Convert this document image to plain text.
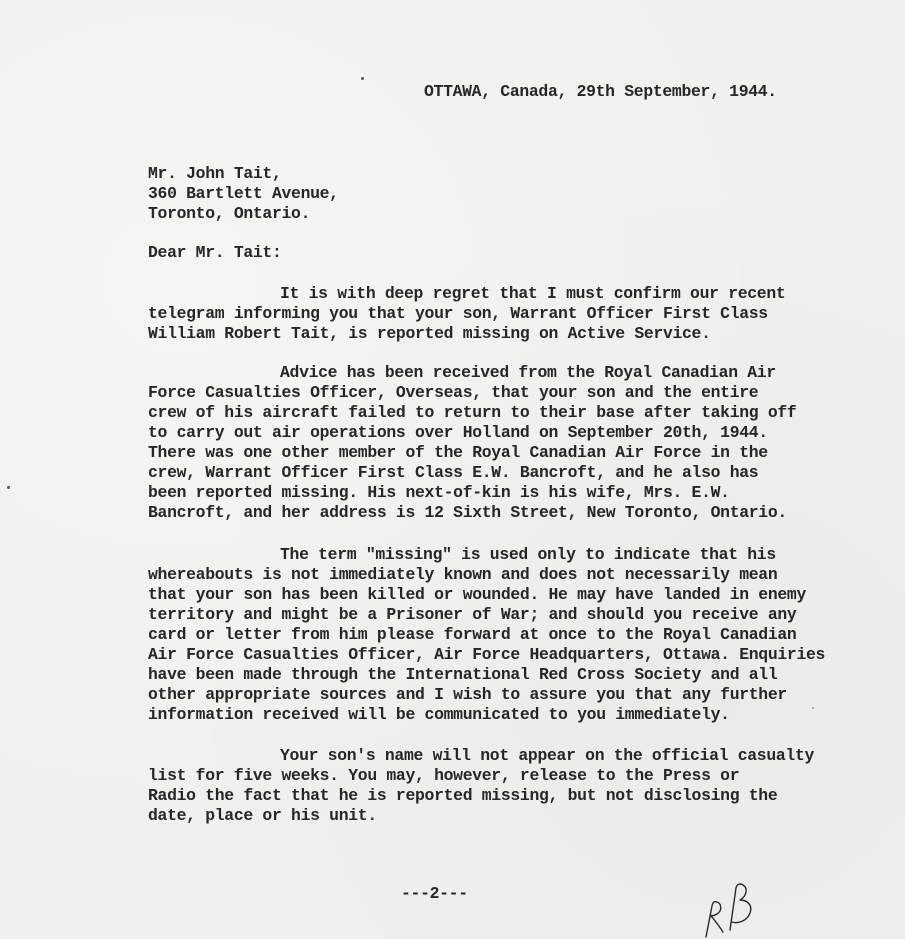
OTTAWA, Canada, 29th September, 1944.
Mr. John Tait,
360 Bartlett Avenue,
Toronto, Ontario.
Dear Mr. Tait:
It is with deep regret that I must confirm our recent
telegram informing you that your son, Warrant Officer First Class
William Robert Tait, is reported missing on Active Service.
Advice has been received from the Royal Canadian Air
Force Casualties Officer, Overseas, that your son and the entire
crew of his aircraft failed to return to their base after taking off
to carry out air operations over Holland on September 20th, 1944.
There was one other member of the Royal Canadian Air Force in the
crew, Warrant Officer First Class E.W. Bancroft, and he also has
been reported missing. His next-of-kin is his wife, Mrs. E.W.
Bancroft, and her address is 12 Sixth Street, New Toronto, Ontario.
The term "missing" is used only to indicate that his
whereabouts is not immediately known and does not necessarily mean
that your son has been killed or wounded. He may have landed in enemy
territory and might be a Prisoner of War; and should you receive any
card or letter from him please forward at once to the Royal Canadian
Air Force Casualties Officer, Air Force Headquarters, Ottawa. Enquiries
have been made through the International Red Cross Society and all
other appropriate sources and I wish to assure you that any further
information received will be communicated to you immediately.
Your son's name will not appear on the official casualty
list for five weeks. You may, however, release to the Press or
Radio the fact that he is reported missing, but not disclosing the
date, place or his unit.
---2---
